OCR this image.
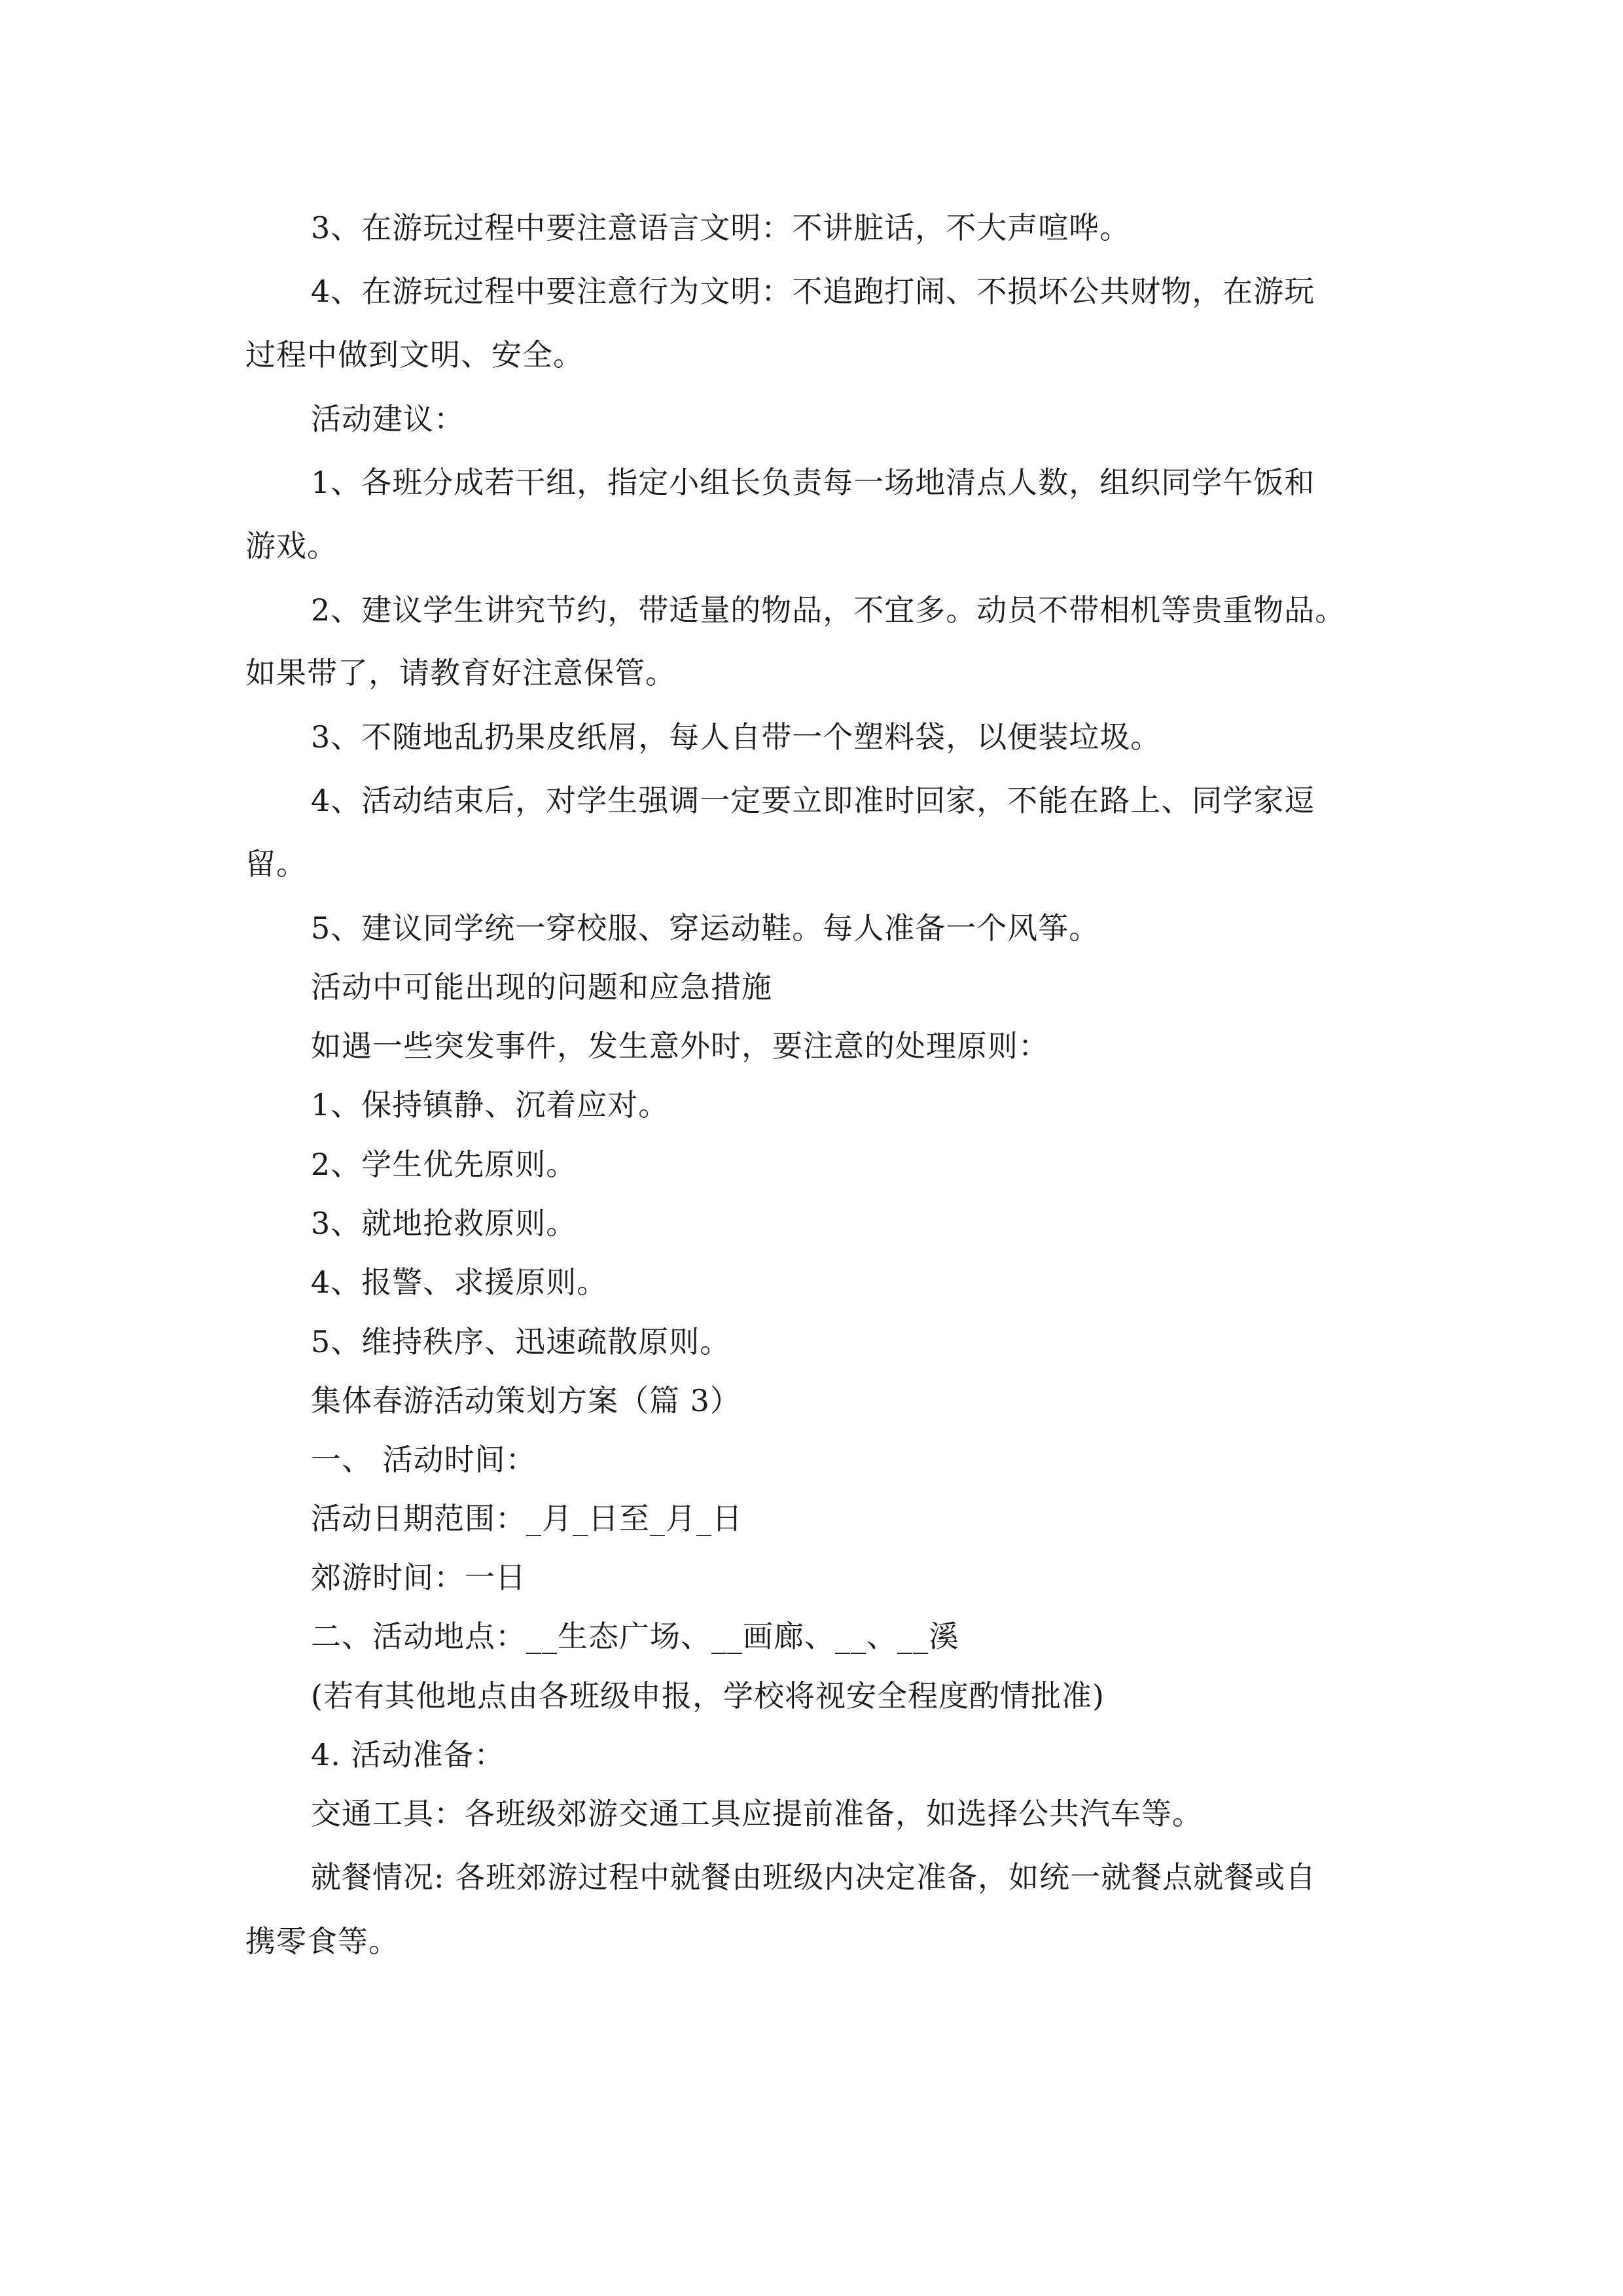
3、在游玩过程中要注意语言文明：不讲脏话，不大声喧哗。
4、在游玩过程中要注意行为文明：不追跑打闹、不损坏公共财物，在游玩
过程中做到文明、安全。
活动建议：
1、各班分成若干组，指定小组长负责每一场地清点人数，组织同学午饭和
游戏。
2、建议学生讲究节约，带适量的物品，不宜多。动员不带相机等贵重物品。
如果带了，请教育好注意保管。
3、不随地乱扔果皮纸屑，每人自带一个塑料袋，以便装垃圾。
4、活动结束后，对学生强调一定要立即准时回家，不能在路上、同学家逗
留。
5、建议同学统一穿校服、穿运动鞋。每人准备一个风筝。
活动中可能出现的问题和应急措施
如遇一些突发事件，发生意外时，要注意的处理原则：
1、保持镇静、沉着应对。
2、学生优先原则。
3、就地抢救原则。
4、报警、求援原则。
5、维持秩序、迅速疏散原则。
集体春游活动策划方案（篇 3）
一、 活动时间：
活动日期范围：_月_日至_月_日
郊游时间：一日
二、活动地点：__生态广场、__画廊、__、__溪
(若有其他地点由各班级申报，学校将视安全程度酌情批准)
4. 活动准备：
交通工具：各班级郊游交通工具应提前准备，如选择公共汽车等。
就餐情况: 各班郊游过程中就餐由班级内决定准备，如统一就餐点就餐或自
携零食等。
